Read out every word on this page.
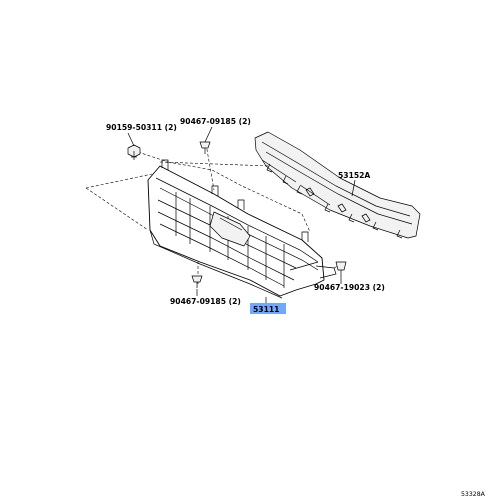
90159-50311 (2)
90467-09185 (2)
53152A
90467-19023 (2)
90467-09185 (2)
53111
53328A
